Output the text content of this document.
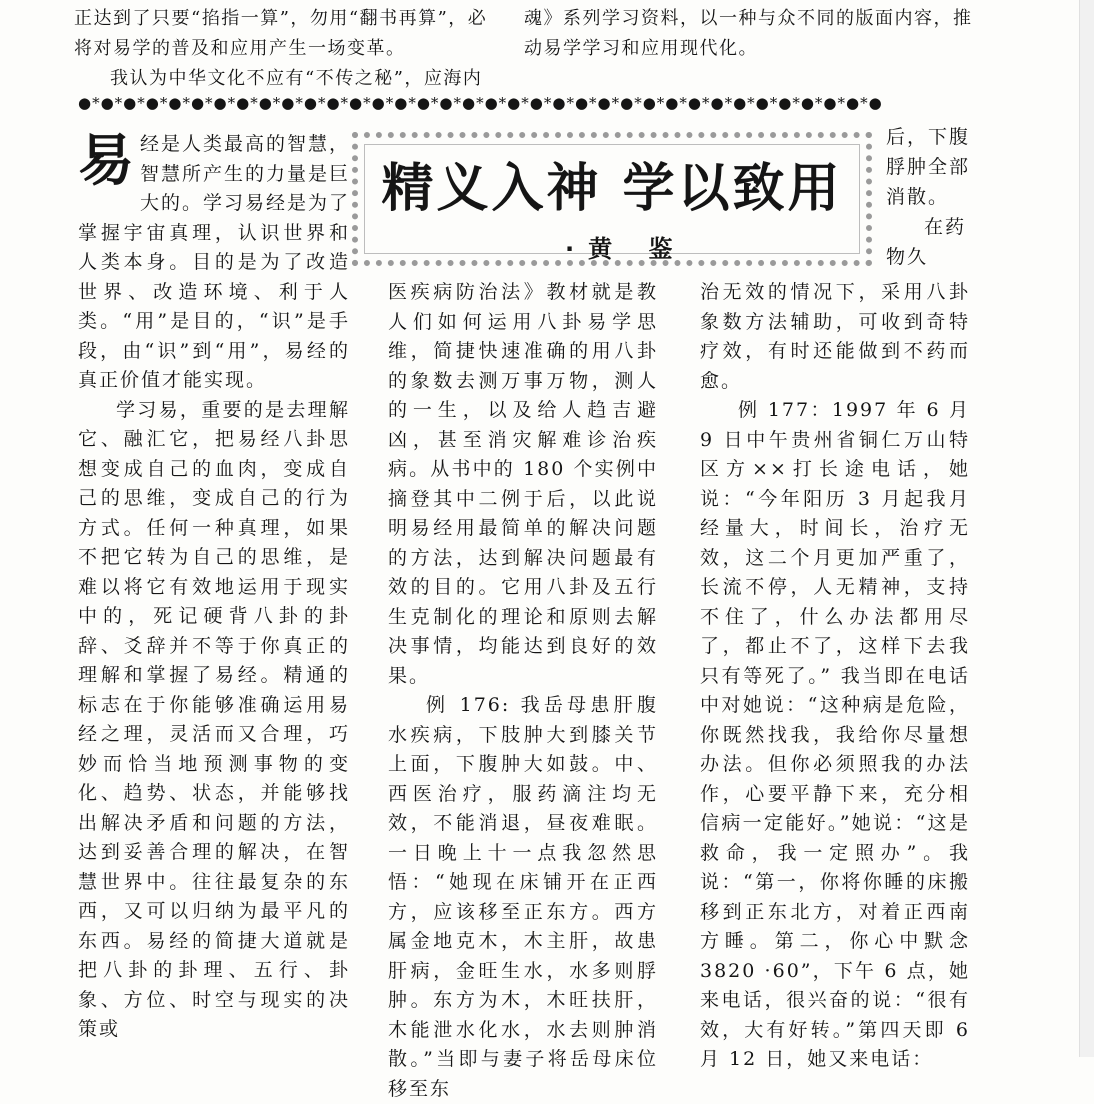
正达到了只要“掐指一算”，勿用“翻书再算”，必

将对易学的普及和应用产生一场变革。

我认为中华文化不应有“不传之秘”，应海内

魂》系列学习资料，以一种与众不同的版面内容，推

动易学学习和应用现代化。

●*●*●*●*●*●*●*●*●*●*●*●*●*●*●*●*●*●*●*●*●*●*●*●*●*●*●*●*●*●*●*●*●*●*●*●
易 经是人类最高的智慧，智慧所产生的力量是巨大的。学习易经是为了掌握宇宙真理，认识世界和人类本身。目的是为了改造世界、改造环境、利于人类。“用”是目的，“识”是手段，由“识”到“用”，易经的真正价值才能实现。

学习易，重要的是去理解它、融汇它，把易经八卦思想变成自己的血肉，变成自己的思维，变成自己的行为方式。任何一种真理，如果不把它转为自己的思维，是难以将它有效地运用于现实中的，死记硬背八卦的卦辞、爻辞并不等于你真正的理解和掌握了易经。精通的标志在于你能够准确运用易经之理，灵活而又合理，巧妙而恰当地预测事物的变化、趋势、状态，并能够找出解决矛盾和问题的方法，达到妥善合理的解决，在智慧世界中。往往最复杂的东西，又可以归纳为最平凡的东西。易经的简捷大道就是把八卦的卦理、五行、卦象、方位、时空与现实的决策或

精义入神 学以致用
·黄 鉴

医疾病防治法》教材就是教人们如何运用八卦易学思维，简捷快速准确的用八卦的象数去测万事万物，测人的一生，以及给人趋吉避凶，甚至消灾解难诊治疾病。从书中的 180 个实例中摘登其中二例于后，以此说明易经用最简单的解决问题的方法，达到解决问题最有效的目的。它用八卦及五行生克制化的理论和原则去解决事情，均能达到良好的效果。

例 176: 我岳母患肝腹水疾病，下肢肿大到膝关节上面，下腹肿大如鼓。中、西医治疗，服药滴注均无效，不能消退，昼夜难眠。一日晚上十一点我忽然思悟：“她现在床铺开在正西方，应该移至正东方。西方属金地克木，木主肝，故患肝病，金旺生水，水多则脬肿。东方为木，木旺扶肝，木能泄水化水，水去则肿消散。”当即与妻子将岳母床位移至东

后，下腹脬肿全部消散。

在药物久

治无效的情况下，采用八卦象数方法辅助，可收到奇特疗效，有时还能做到不药而愈。

例 177：1997 年 6 月 9 日中午贵州省铜仁万山特区方××打长途电话，她说：“今年阳历 3 月起我月经量大，时间长，治疗无效，这二个月更加严重了，长流不停，人无精神，支持不住了，什么办法都用尽了，都止不了，这样下去我只有等死了。” 我当即在电话中对她说：“这种病是危险，你既然找我，我给你尽量想办法。但你必须照我的办法作，心要平静下来，充分相信病一定能好。”她说：“这是救命，我一定照办”。我说：“第一，你将你睡的床搬移到正东北方，对着正西南方睡。第二，你心中默念 3820 ·60”，下午 6 点，她来电话，很兴奋的说：“很有效，大有好转。”第四天即 6 月 12 日，她又来电话：
